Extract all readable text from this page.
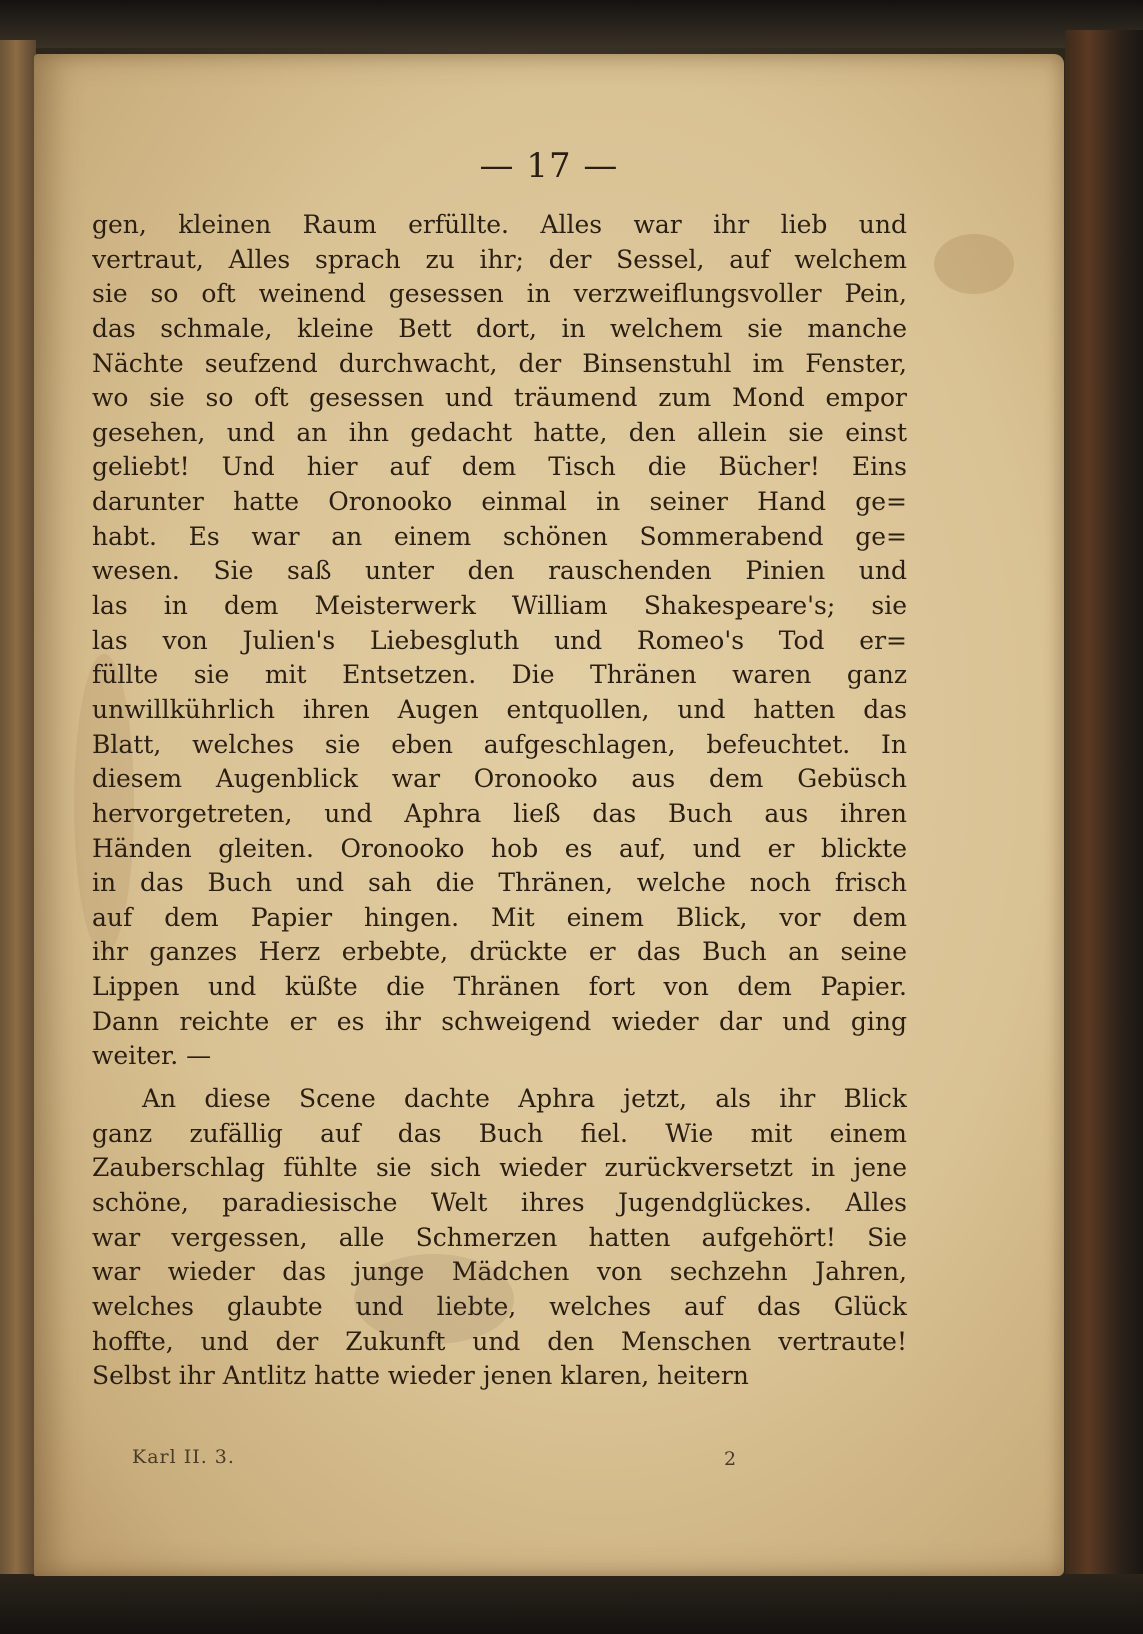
— 17 —
gen, kleinen Raum erfüllte. Alles war ihr lieb und
vertraut, Alles sprach zu ihr; der Sessel, auf welchem
sie so oft weinend gesessen in verzweiflungsvoller Pein,
das schmale, kleine Bett dort, in welchem sie manche
Nächte seufzend durchwacht, der Binsenstuhl im Fenster,
wo sie so oft gesessen und träumend zum Mond empor
gesehen, und an ihn gedacht hatte, den allein sie einst
geliebt! Und hier auf dem Tisch die Bücher! Eins
darunter hatte Oronooko einmal in seiner Hand ge=
habt. Es war an einem schönen Sommerabend ge=
wesen. Sie saß unter den rauschenden Pinien und
las in dem Meisterwerk William Shakespeare's; sie
las von Julien's Liebesgluth und Romeo's Tod er=
füllte sie mit Entsetzen. Die Thränen waren ganz
unwillkührlich ihren Augen entquollen, und hatten das
Blatt, welches sie eben aufgeschlagen, befeuchtet. In
diesem Augenblick war Oronooko aus dem Gebüsch
hervorgetreten, und Aphra ließ das Buch aus ihren
Händen gleiten. Oronooko hob es auf, und er blickte
in das Buch und sah die Thränen, welche noch frisch
auf dem Papier hingen. Mit einem Blick, vor dem
ihr ganzes Herz erbebte, drückte er das Buch an seine
Lippen und küßte die Thränen fort von dem Papier.
Dann reichte er es ihr schweigend wieder dar und ging
weiter. —
An diese Scene dachte Aphra jetzt, als ihr Blick
ganz zufällig auf das Buch fiel. Wie mit einem
Zauberschlag fühlte sie sich wieder zurückversetzt in jene
schöne, paradiesische Welt ihres Jugendglückes. Alles
war vergessen, alle Schmerzen hatten aufgehört! Sie
war wieder das junge Mädchen von sechzehn Jahren,
welches glaubte und liebte, welches auf das Glück
hoffte, und der Zukunft und den Menschen vertraute!
Selbst ihr Antlitz hatte wieder jenen klaren, heitern
Karl II. 3.	2
